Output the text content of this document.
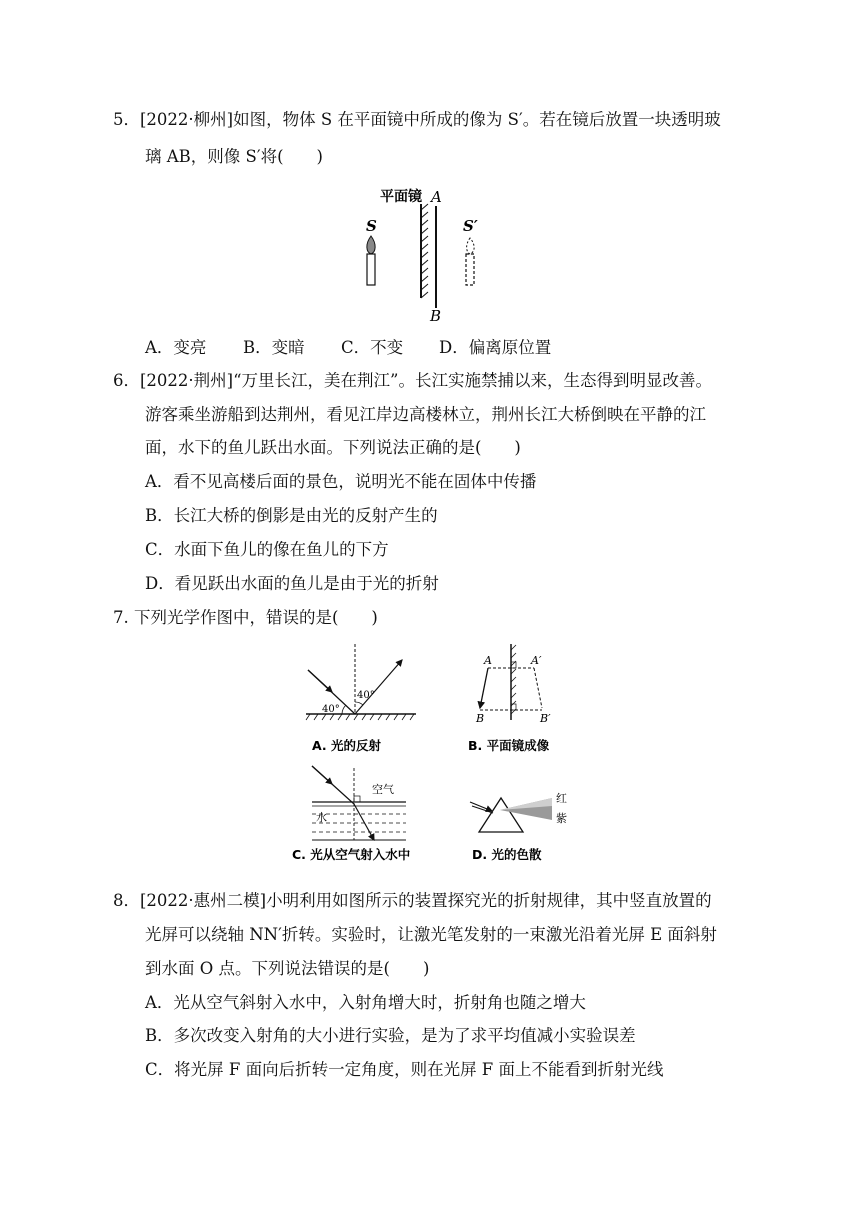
5．[2022·柳州]如图，物体 S 在平面镜中所成的像为 S′。若在镜后放置一块透明玻
璃 AB，则像 S′将(　　)
平面镜 A
B
S	S′
A．变亮 B．变暗 C．不变 D．偏离原位置
6．[2022·荆州]“万里长江，美在荆江”。长江实施禁捕以来，生态得到明显改善。
游客乘坐游船到达荆州，看见江岸边高楼林立，荆州长江大桥倒映在平静的江
面，水下的鱼儿跃出水面。下列说法正确的是(　　)
A．看不见高楼后面的景色，说明光不能在固体中传播
B．长江大桥的倒影是由光的反射产生的
C．水面下鱼儿的像在鱼儿的下方
D．看见跃出水面的鱼儿是由于光的折射
7. 下列光学作图中，错误的是(　　)
40°
40°
A. 光的反射
A	A′
B	B′
B. 平面镜成像
空气
水
C. 光从空气射入水中
红
紫
D. 光的色散
8．[2022·惠州二模]小明利用如图所示的装置探究光的折射规律，其中竖直放置的
光屏可以绕轴 NN′折转。实验时，让激光笔发射的一束激光沿着光屏 E 面斜射
到水面 O 点。下列说法错误的是(　　)
A．光从空气斜射入水中，入射角增大时，折射角也随之增大
B．多次改变入射角的大小进行实验，是为了求平均值减小实验误差
C．将光屏 F 面向后折转一定角度，则在光屏 F 面上不能看到折射光线
